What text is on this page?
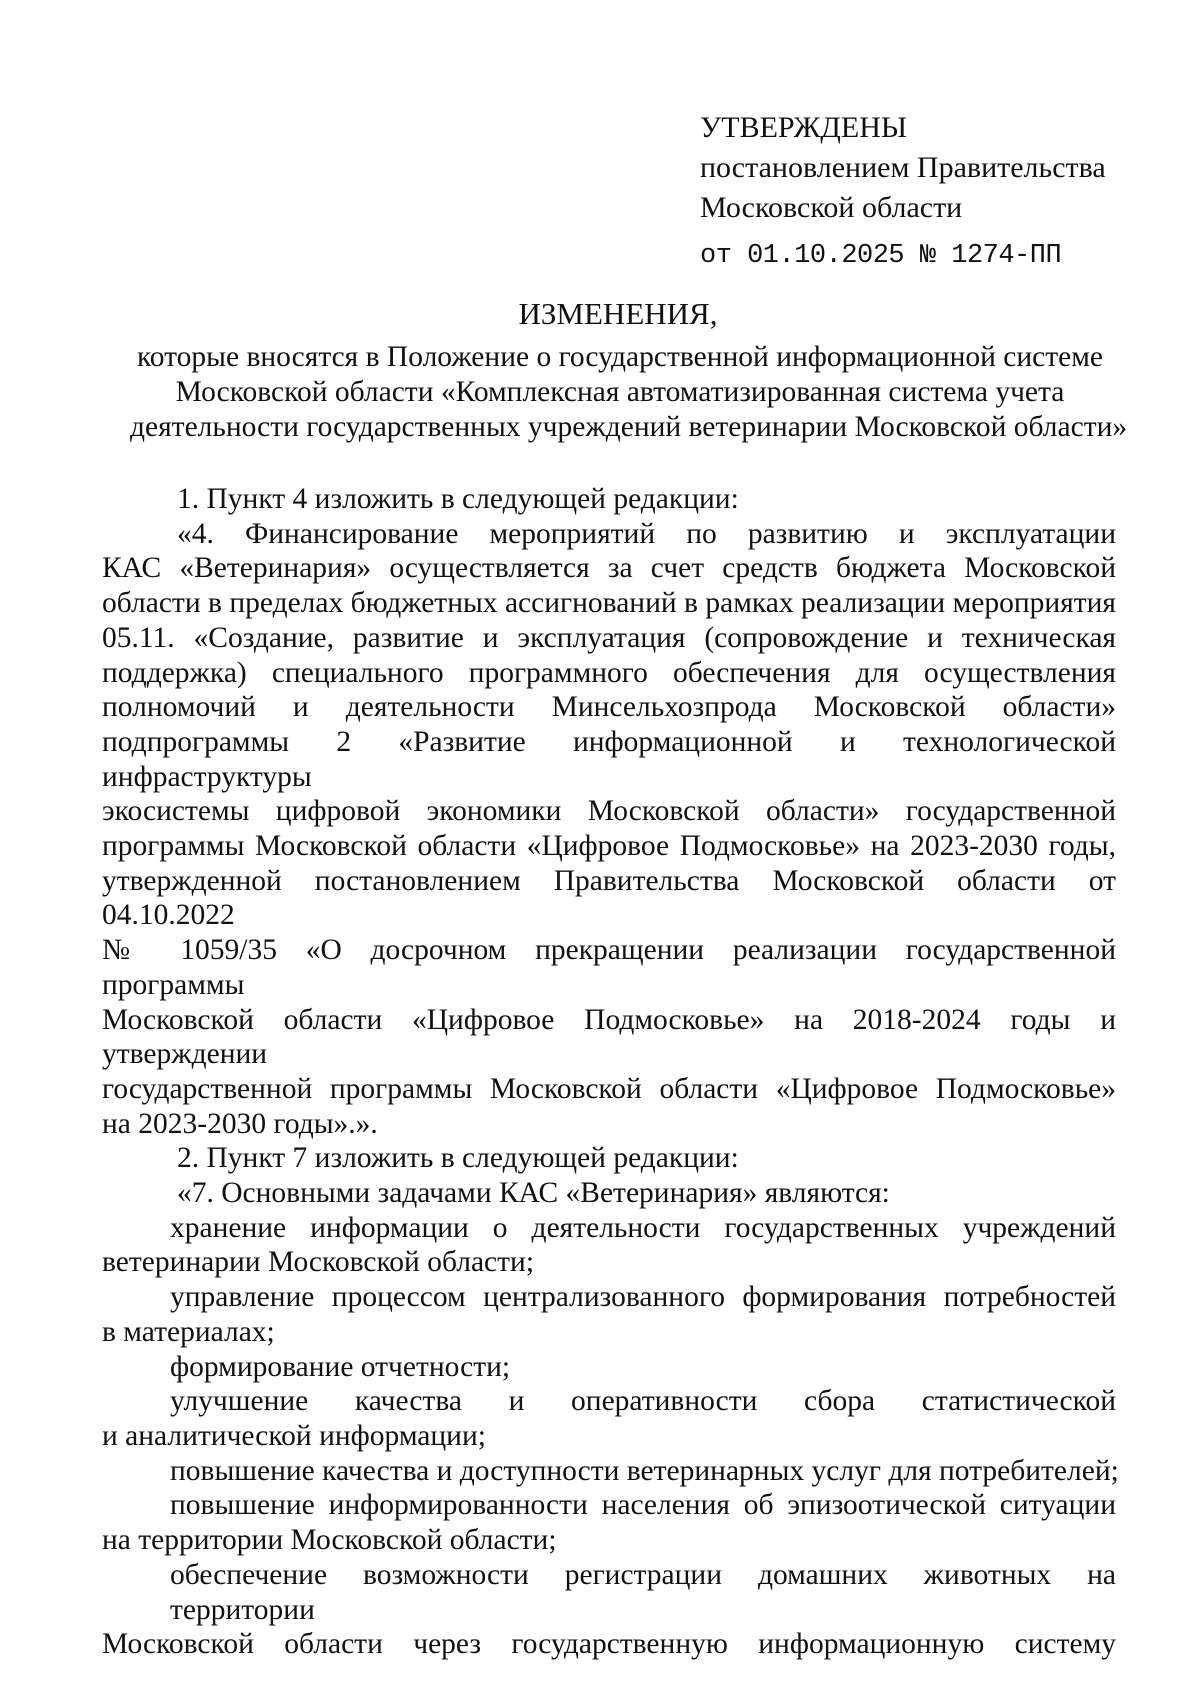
УТВЕРЖДЕНЫ
постановлением Правительства
Московской области
от 01.10.2025 № 1274-ПП
ИЗМЕНЕНИЯ,
которые вносятся в Положение о государственной информационной системе
Московской области «Комплексная автоматизированная система учета
деятельности государственных учреждений ветеринарии Московской области»
1. Пункт 4 изложить в следующей редакции:
«4. Финансирование мероприятий по развитию и эксплуатации
КАС «Ветеринария» осуществляется за счет средств бюджета Московской
области в пределах бюджетных ассигнований в рамках реализации мероприятия
05.11. «Создание, развитие и эксплуатация (сопровождение и техническая
поддержка) специального программного обеспечения для осуществления
полномочий и деятельности Минсельхозпрода Московской области»
подпрограммы 2 «Развитие информационной и технологической инфраструктуры
экосистемы цифровой экономики Московской области» государственной
программы Московской области «Цифровое Подмосковье» на 2023-2030 годы,
утвержденной постановлением Правительства Московской области от 04.10.2022
№ 1059/35 «О досрочном прекращении реализации государственной программы
Московской области «Цифровое Подмосковье» на 2018-2024 годы и утверждении
государственной программы Московской области «Цифровое Подмосковье»
на 2023-2030 годы».».
2. Пункт 7 изложить в следующей редакции:
«7. Основными задачами КАС «Ветеринария» являются:
хранение информации о деятельности государственных учреждений
ветеринарии Московской области;
управление процессом централизованного формирования потребностей
в материалах;
формирование отчетности;
улучшение качества и оперативности сбора статистической
и аналитической информации;
повышение качества и доступности ветеринарных услуг для потребителей;
повышение информированности населения об эпизоотической ситуации
на территории Московской области;
обеспечение возможности регистрации домашних животных на территории
Московской области через государственную информационную систему
